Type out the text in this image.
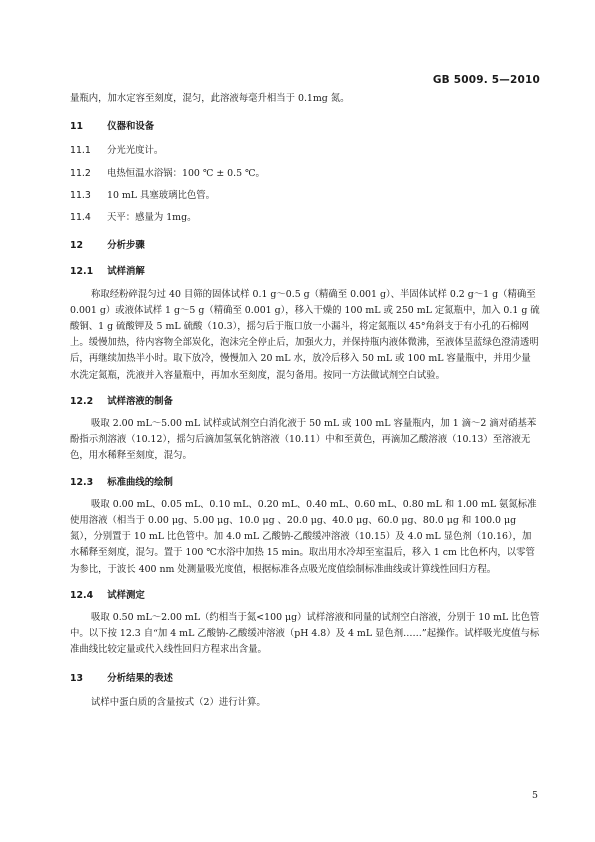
GB 5009. 5—2010

量瓶内，加水定容至刻度，混匀，此溶液每毫升相当于 0.1mg 氮。

11	仪器和设备
11.1 分光光度计。
11.2 电热恒温水浴锅：100 ℃ ± 0.5 ℃。
11.3 10 mL 具塞玻璃比色管。
11.4 天平：感量为 1mg。
12	分析步骤
12.1 试样消解

称取经粉碎混匀过 40 目筛的固体试样 0.1 g～0.5 g（精确至 0.001 g）、半固体试样 0.2 g～1 g（精确至 0.001 g）或液体试样 1 g～5 g（精确至 0.001 g），移入干燥的 100 mL 或 250 mL 定氮瓶中，加入 0.1 g 硫酸铜、1 g 硫酸钾及 5 mL 硫酸（10.3），摇匀后于瓶口放一小漏斗，将定氮瓶以 45°角斜支于有小孔的石棉网上。缓慢加热，待内容物全部炭化，泡沫完全停止后，加强火力，并保持瓶内液体微沸，至液体呈蓝绿色澄清透明后，再继续加热半小时。取下放冷，慢慢加入 20 mL 水，放冷后移入 50 mL 或 100 mL 容量瓶中，并用少量水洗定氮瓶，洗液并入容量瓶中，再加水至刻度，混匀备用。按同一方法做试剂空白试验。

12.2 试样溶液的制备

吸取 2.00 mL～5.00 mL 试样或试剂空白消化液于 50 mL 或 100 mL 容量瓶内，加 1 滴～2 滴对硝基苯酚指示剂溶液（10.12），摇匀后滴加氢氧化钠溶液（10.11）中和至黄色，再滴加乙酸溶液（10.13）至溶液无色，用水稀释至刻度，混匀。

12.3 标准曲线的绘制

吸取 0.00 mL、0.05 mL、0.10 mL、0.20 mL、0.40 mL、0.60 mL、0.80 mL 和 1.00 mL 氨氮标准使用溶液（相当于 0.00 μg、5.00 μg、10.0 μg 、20.0 μg、40.0 μg、60.0 μg、80.0 μg 和 100.0 μg 氮），分别置于 10 mL 比色管中。加 4.0 mL 乙酸钠-乙酸缓冲溶液（10.15）及 4.0 mL 显色剂（10.16），加水稀释至刻度，混匀。置于 100 ℃水浴中加热 15 min。取出用水冷却至室温后，移入 1 cm 比色杯内，以零管为参比，于波长 400 nm 处测量吸光度值，根据标准各点吸光度值绘制标准曲线或计算线性回归方程。

12.4 试样测定

吸取 0.50 mL～2.00 mL（约相当于氮<100 μg）试样溶液和同量的试剂空白溶液，分别于 10 mL 比色管中。以下按 12.3 自“加 4 mL 乙酸钠-乙酸缓冲溶液（pH 4.8）及 4 mL 显色剂……”起操作。试样吸光度值与标准曲线比较定量或代入线性回归方程求出含量。

13	分析结果的表述

试样中蛋白质的含量按式（2）进行计算。

5
